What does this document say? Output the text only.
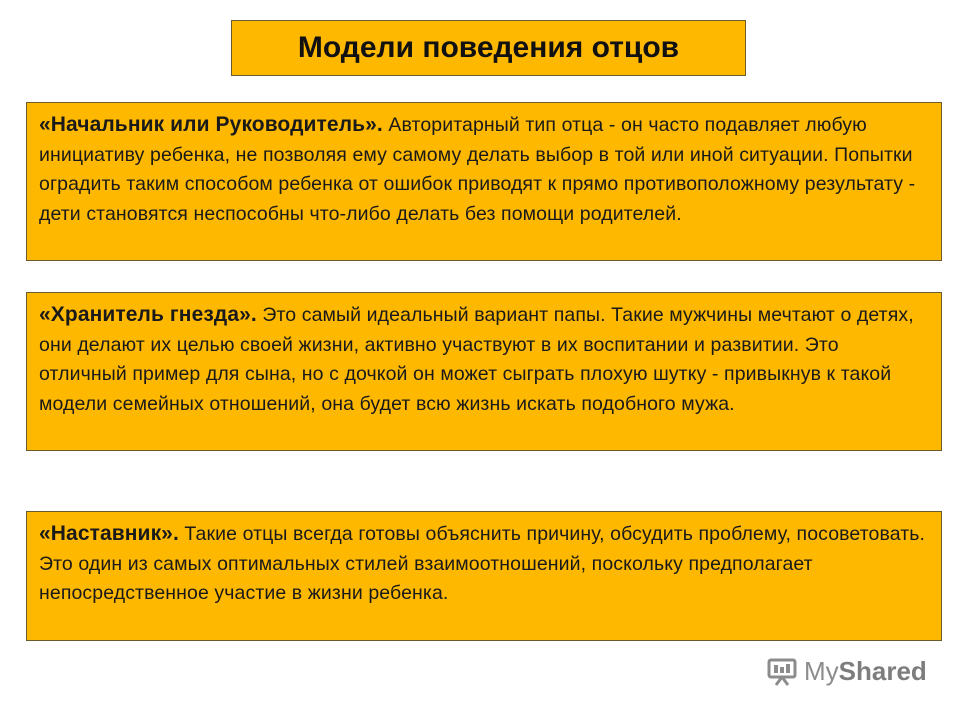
Модели поведения отцов
«Начальник или Руководитель». Авторитарный тип отца - он часто подавляет любую инициативу ребенка, не позволяя ему самому делать выбор в той или иной ситуации. Попытки оградить таким способом ребенка от ошибок приводят к прямо противоположному результату - дети становятся неспособны что-либо делать без помощи родителей.
«Хранитель гнезда». Это самый идеальный вариант папы. Такие мужчины мечтают о детях, они делают их целью своей жизни, активно участвуют в их воспитании и развитии. Это отличный пример для сына, но с дочкой он может сыграть плохую шутку - привыкнув к такой модели семейных отношений, она будет всю жизнь искать подобного мужа.
«Наставник». Такие отцы всегда готовы объяснить причину, обсудить проблему, посоветовать. Это один из самых оптимальных стилей взаимоотношений, поскольку предполагает непосредственное участие в жизни ребенка.
MyShared
